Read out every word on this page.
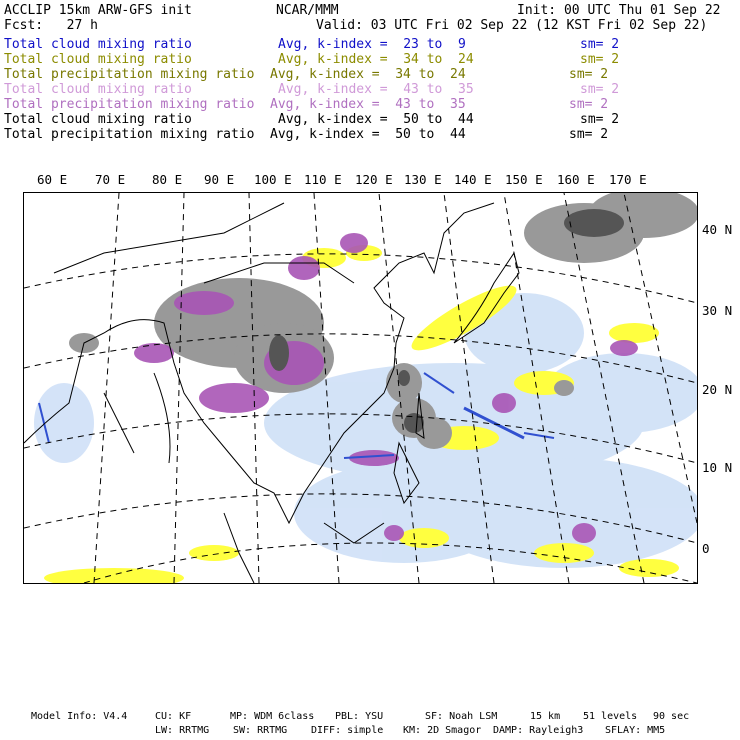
ACCLIP 15km ARW-GFS init	NCAR/MMM	Init: 00 UTC Thu 01 Sep 22
Fcst:   27 h	Valid: 03 UTC Fri 02 Sep 22 (12 KST Fri 02 Sep 22)
Total cloud mixing ratio	Avg, k-index =  23 to  9	sm= 2
Total cloud mixing ratio	Avg, k-index =  34 to  24	sm= 2
Total precipitation mixing ratio Avg, k-index =  34 to  24	sm= 2
Total cloud mixing ratio	Avg, k-index =  43 to  35	sm= 2
Total precipitation mixing ratio Avg, k-index =  43 to  35	sm= 2
Total cloud mixing ratio	Avg, k-index =  50 to  44	sm= 2
Total precipitation mixing ratio Avg, k-index =  50 to  44	sm= 2
60 E 70 E 80 E 90 E 100 E 110 E 120 E 130 E 140 E 150 E 160 E 170 E
40 N
30 N
20 N
10 N
0
Model Info: V4.4	CU: KF	MP: WDM 6class PBL: YSU	SF: Noah LSM	15 km 51 levels 90 sec
LW: RRTMG SW: RRTMG DIFF: simple KM: 2D Smagor DAMP: Rayleigh3 SFLAY: MM5
